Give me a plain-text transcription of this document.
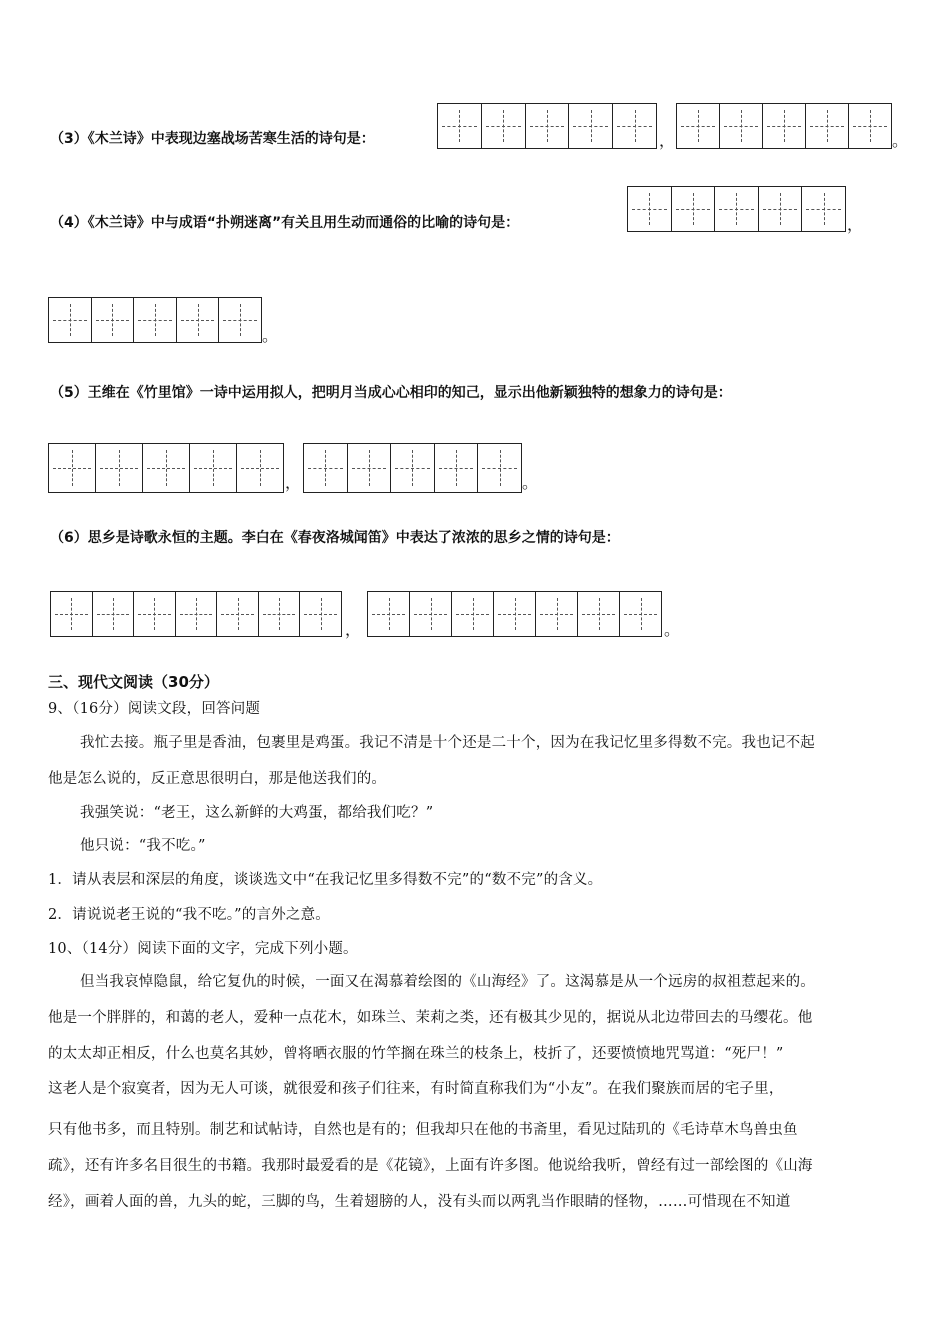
（3）《木兰诗》中表现边塞战场苦寒生活的诗句是：	，	。
（4）《木兰诗》中与成语“扑朔迷离”有关且用生动而通俗的比喻的诗句是：	，
。
（5）王维在《竹里馆》一诗中运用拟人，把明月当成心心相印的知己，显示出他新颖独特的想象力的诗句是：
，	。
（6）思乡是诗歌永恒的主题。李白在《春夜洛城闻笛》中表达了浓浓的思乡之情的诗句是：
，	。
三、现代文阅读（30分）
9、（16分）阅读文段，回答问题
我忙去接。瓶子里是香油，包裹里是鸡蛋。我记不清是十个还是二十个，因为在我记忆里多得数不完。我也记不起
他是怎么说的，反正意思很明白，那是他送我们的。
我强笑说：“老王，这么新鲜的大鸡蛋，都给我们吃？”
他只说：“我不吃。”
1．请从表层和深层的角度，谈谈选文中“在我记忆里多得数不完”的“数不完”的含义。
2．请说说老王说的“我不吃。”的言外之意。
10、（14分）阅读下面的文字，完成下列小题。
但当我哀悼隐鼠，给它复仇的时候，一面又在渴慕着绘图的《山海经》了。这渴慕是从一个远房的叔祖惹起来的。
他是一个胖胖的，和蔼的老人，爱种一点花木，如珠兰、茉莉之类，还有极其少见的，据说从北边带回去的马缨花。他
的太太却正相反，什么也莫名其妙，曾将晒衣服的竹竿搁在珠兰的枝条上，枝折了，还要愤愤地咒骂道：“死尸！”
这老人是个寂寞者，因为无人可谈，就很爱和孩子们往来，有时简直称我们为“小友”。在我们聚族而居的宅子里，
只有他书多，而且特别。制艺和试帖诗，自然也是有的；但我却只在他的书斋里，看见过陆玑的《毛诗草木鸟兽虫鱼
疏》，还有许多名目很生的书籍。我那时最爱看的是《花镜》，上面有许多图。他说给我听，曾经有过一部绘图的《山海
经》，画着人面的兽，九头的蛇，三脚的鸟，生着翅膀的人，没有头而以两乳当作眼睛的怪物，……可惜现在不知道
